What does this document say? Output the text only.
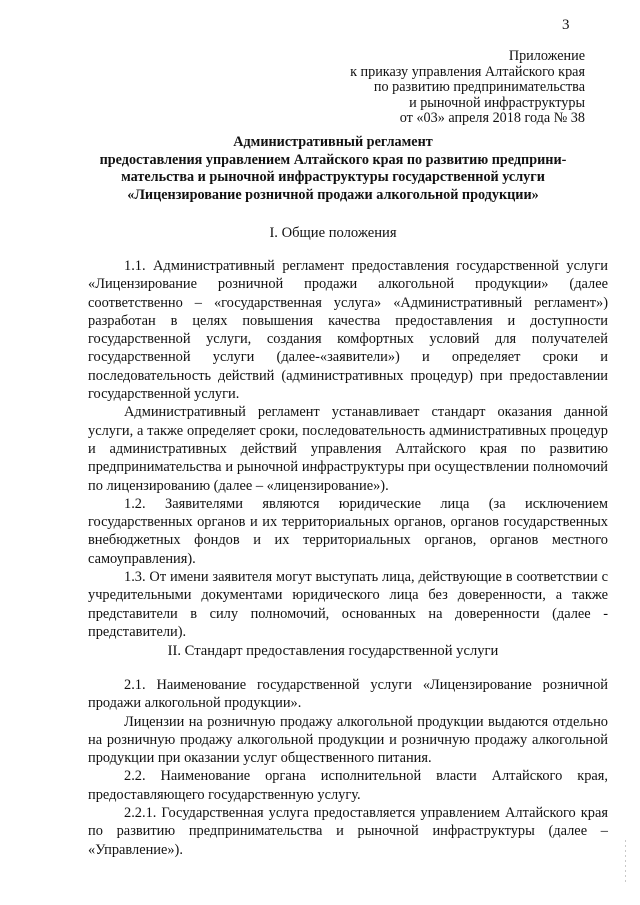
3
Приложение
к приказу управления Алтайского края
по развитию предпринимательства
и рыночной инфраструктуры
от «03» апреля 2018 года № 38
Административный регламент
предоставления управлением Алтайского края по развитию предприни-
мательства и рыночной инфраструктуры государственной услуги
«Лицензирование розничной продажи алкогольной продукции»
I. Общие положения

1.1. Административный регламент предоставления государственной услуги «Лицензирование розничной продажи алкогольной продукции» (далее соответственно – «государственная услуга» «Административный регламент») разработан в целях повышения качества предоставления и доступности государственной услуги, создания комфортных условий для получателей государственной услуги (далее-«заявители») и определяет сроки и последовательность действий (административных процедур) при предоставлении государственной услуги.

Административный регламент устанавливает стандарт оказания данной услуги, а также определяет сроки, последовательность административных процедур и административных действий управления Алтайского края по развитию предпринимательства и рыночной инфраструктуры при осуществлении полномочий по лицензированию (далее – «лицензирование»).

1.2. Заявителями являются юридические лица (за исключением государственных органов и их территориальных органов, органов государственных внебюджетных фондов и их территориальных органов, органов местного самоуправления).

1.3. От имени заявителя могут выступать лица, действующие в соответствии с учредительными документами юридического лица без доверенности, а также представители в силу полномочий, основанных на доверенности (далее - представители).

II. Стандарт предоставления государственной услуги

2.1. Наименование государственной услуги «Лицензирование розничной продажи алкогольной продукции».

Лицензии на розничную продажу алкогольной продукции выдаются отдельно на розничную продажу алкогольной продукции и розничную продажу алкогольной продукции при оказании услуг общественного питания.

2.2. Наименование органа исполнительной власти Алтайского края, предоставляющего государственную услугу.

2.2.1. Государственная услуга предоставляется управлением Алтайского края по развитию предпринимательства и рыночной инфраструктуры (далее – «Управление»).
